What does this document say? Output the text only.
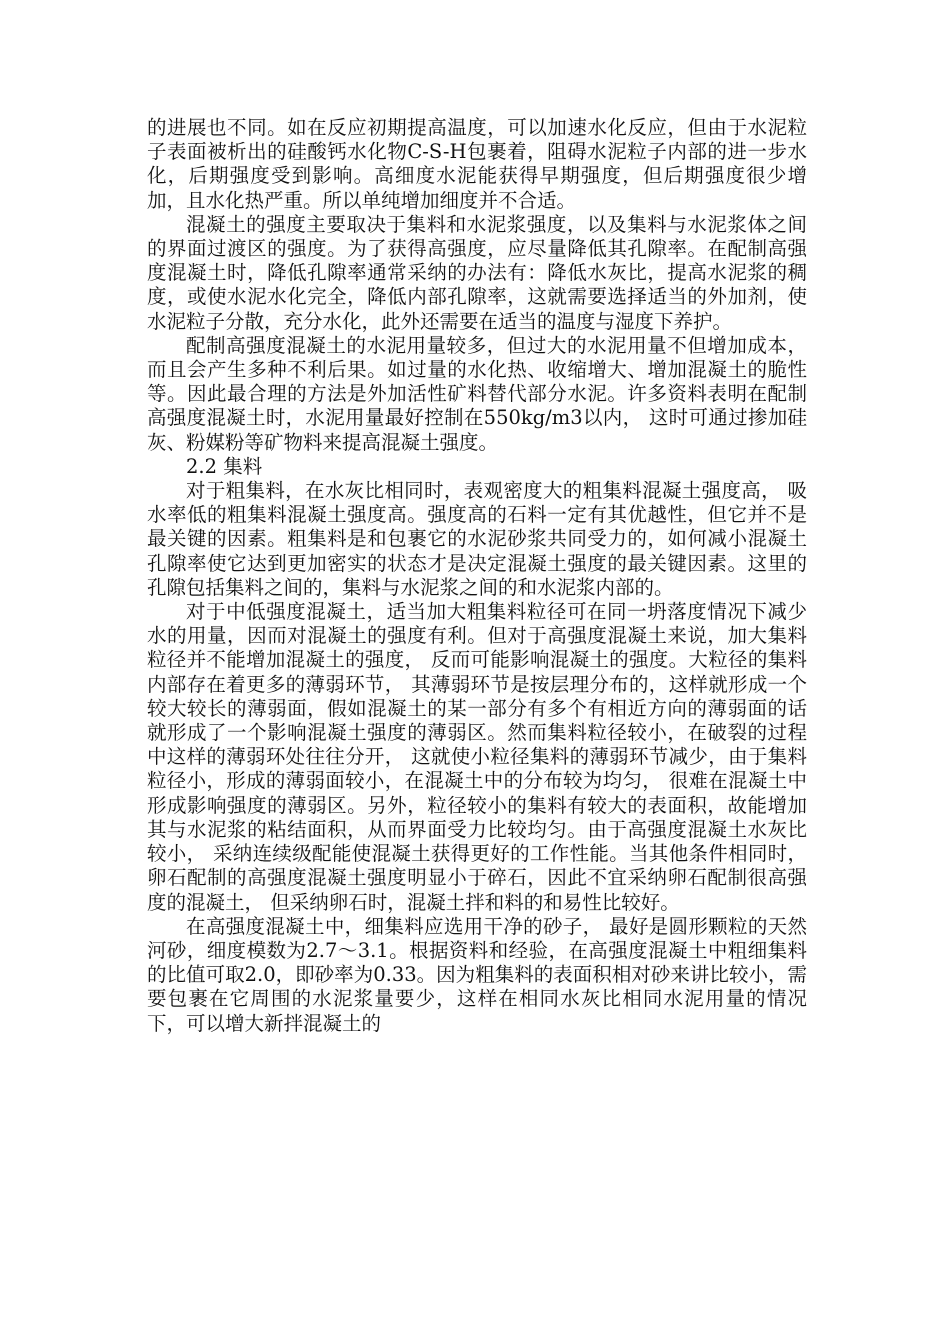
的进展也不同。如在反应初期提高温度，可以加速水化反应，但由于水泥粒子表面被析出的硅酸钙水化物C-S-H包裹着，阻碍水泥粒子内部的进一步水化，后期强度受到影响。高细度水泥能获得早期强度，但后期强度很少增加，且水化热严重。所以单纯增加细度并不合适。

混凝土的强度主要取决于集料和水泥浆强度，以及集料与水泥浆体之间的界面过渡区的强度。为了获得高强度，应尽量降低其孔隙率。在配制高强度混凝土时，降低孔隙率通常采纳的办法有：降低水灰比，提高水泥浆的稠度，或使水泥水化完全，降低内部孔隙率，这就需要选择适当的外加剂，使水泥粒子分散，充分水化，此外还需要在适当的温度与湿度下养护。

配制高强度混凝土的水泥用量较多，但过大的水泥用量不但增加成本，而且会产生多种不利后果。如过量的水化热、收缩增大、增加混凝土的脆性等。因此最合理的方法是外加活性矿料替代部分水泥。许多资料表明在配制高强度混凝土时，水泥用量最好控制在550kg/m3以内， 这时可通过掺加硅灰、粉媒粉等矿物料来提高混凝土强度。

2.2 集料

对于粗集料，在水灰比相同时，表观密度大的粗集料混凝土强度高， 吸水率低的粗集料混凝土强度高。强度高的石料一定有其优越性，但它并不是最关键的因素。粗集料是和包裹它的水泥砂浆共同受力的，如何减小混凝土孔隙率使它达到更加密实的状态才是决定混凝土强度的最关键因素。这里的孔隙包括集料之间的，集料与水泥浆之间的和水泥浆内部的。

对于中低强度混凝土，适当加大粗集料粒径可在同一坍落度情况下减少水的用量，因而对混凝土的强度有利。但对于高强度混凝土来说，加大集料粒径并不能增加混凝土的强度， 反而可能影响混凝土的强度。大粒径的集料内部存在着更多的薄弱环节， 其薄弱环节是按层理分布的，这样就形成一个较大较长的薄弱面，假如混凝土的某一部分有多个有相近方向的薄弱面的话就形成了一个影响混凝土强度的薄弱区。然而集料粒径较小，在破裂的过程中这样的薄弱环处往往分开， 这就使小粒径集料的薄弱环节减少，由于集料粒径小，形成的薄弱面较小，在混凝土中的分布较为均匀， 很难在混凝土中形成影响强度的薄弱区。另外，粒径较小的集料有较大的表面积，故能增加其与水泥浆的粘结面积，从而界面受力比较均匀。由于高强度混凝土水灰比较小， 采纳连续级配能使混凝土获得更好的工作性能。当其他条件相同时，卵石配制的高强度混凝土强度明显小于碎石，因此不宜采纳卵石配制很高强度的混凝土， 但采纳卵石时，混凝土拌和料的和易性比较好。

在高强度混凝土中，细集料应选用干净的砂子， 最好是圆形颗粒的天然河砂，细度模数为2.7～3.1。根据资料和经验，在高强度混凝土中粗细集料的比值可取2.0，即砂率为0.33。因为粗集料的表面积相对砂来讲比较小，需要包裹在它周围的水泥浆量要少，这样在相同水灰比相同水泥用量的情况下，可以增大新拌混凝土的
